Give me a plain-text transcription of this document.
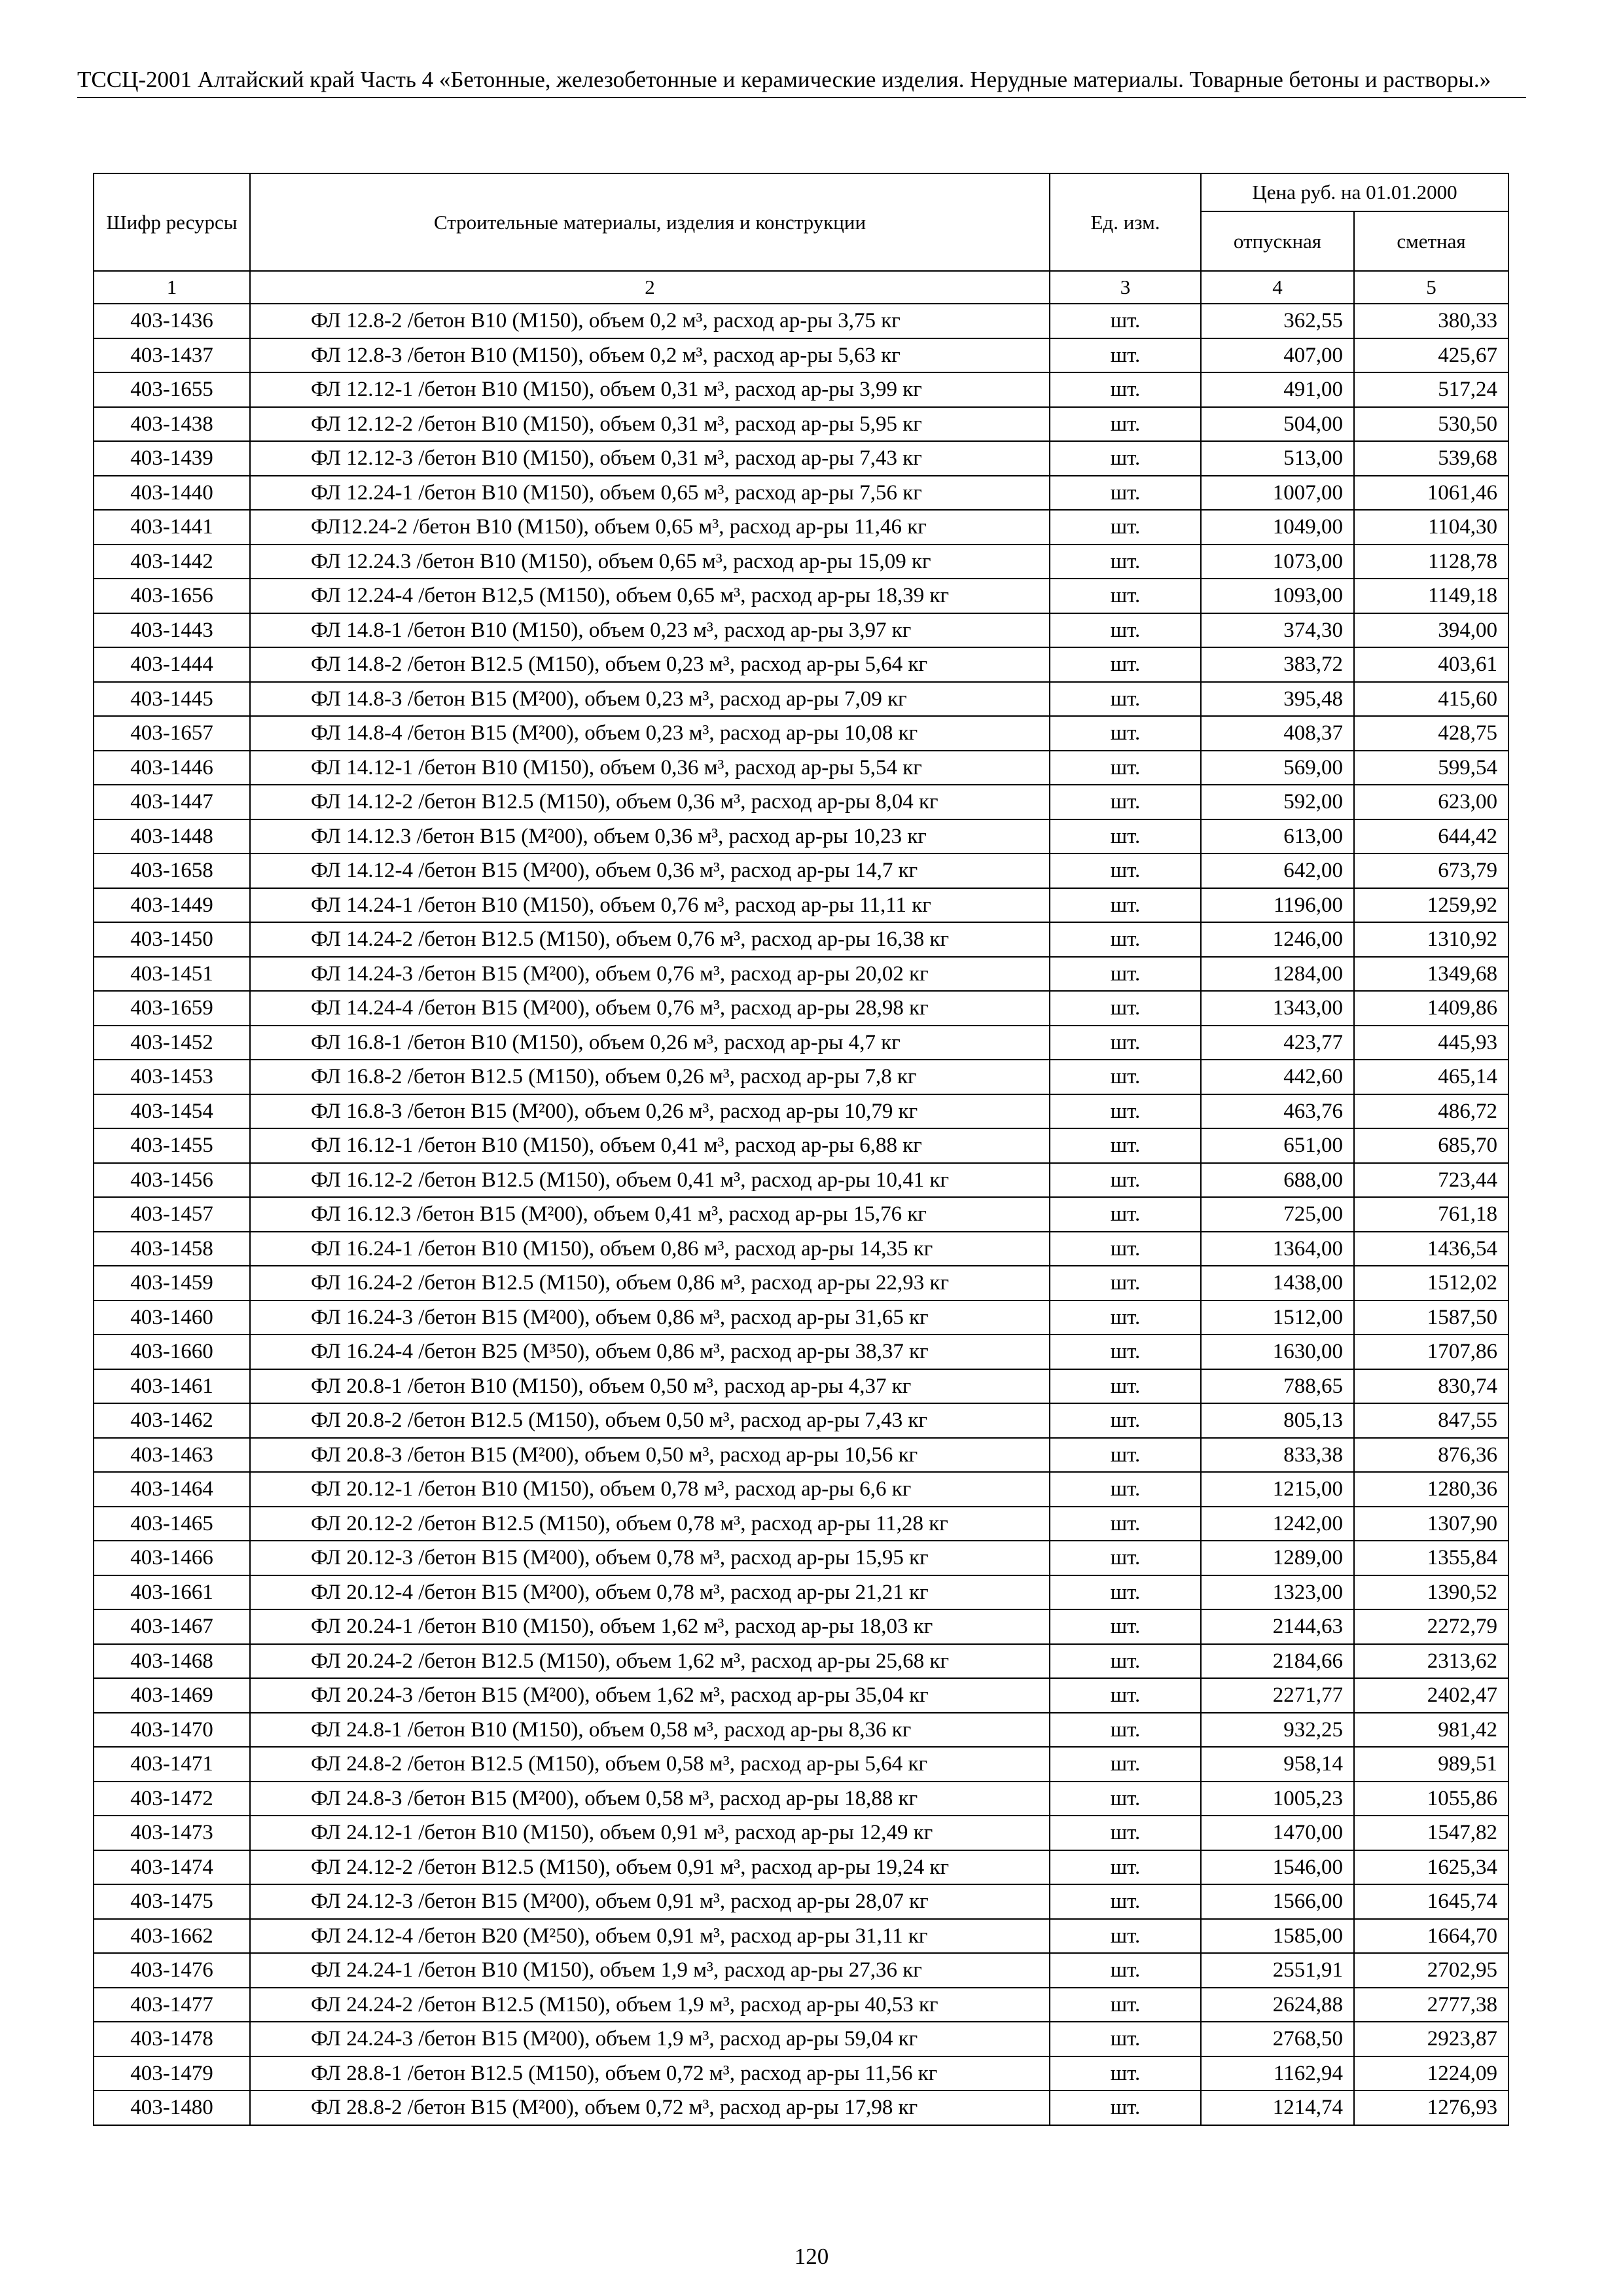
ТССЦ-2001 Алтайский край Часть 4 «Бетонные, железобетонные и керамические изделия. Нерудные материалы. Товарные бетоны и растворы.»
Шифр ресурсы	Строительные материалы, изделия и конструкции	Ед. изм.	Цена руб. на 01.01.2000	
			отпускная	сметная
1	2	3	4	5
403-1436	ФЛ 12.8-2 /бетон В10 (М150), объем 0,2 м³, расход ар-ры 3,75 кг	шт.	362,55	380,33
403-1437	ФЛ 12.8-3 /бетон В10 (М150), объем 0,2 м³, расход ар-ры 5,63 кг	шт.	407,00	425,67
403-1655	ФЛ 12.12-1 /бетон В10 (М150), объем 0,31 м³, расход ар-ры 3,99 кг	шт.	491,00	517,24
403-1438	ФЛ 12.12-2 /бетон В10 (М150), объем 0,31 м³, расход ар-ры 5,95 кг	шт.	504,00	530,50
403-1439	ФЛ 12.12-3 /бетон В10 (М150), объем 0,31 м³, расход ар-ры 7,43 кг	шт.	513,00	539,68
403-1440	ФЛ 12.24-1 /бетон В10 (М150), объем 0,65 м³, расход ар-ры 7,56 кг	шт.	1007,00	1061,46
403-1441	ФЛ12.24-2 /бетон В10 (М150), объем 0,65 м³, расход ар-ры 11,46 кг	шт.	1049,00	1104,30
403-1442	ФЛ 12.24.3 /бетон В10 (М150), объем 0,65 м³, расход ар-ры 15,09 кг	шт.	1073,00	1128,78
403-1656	ФЛ 12.24-4 /бетон В12,5 (М150), объем 0,65 м³, расход ар-ры 18,39 кг	шт.	1093,00	1149,18
403-1443	ФЛ 14.8-1 /бетон В10 (М150), объем 0,23 м³, расход ар-ры 3,97 кг	шт.	374,30	394,00
403-1444	ФЛ 14.8-2 /бетон В12.5 (М150), объем 0,23 м³, расход ар-ры 5,64 кг	шт.	383,72	403,61
403-1445	ФЛ 14.8-3 /бетон В15 (М²00), объем 0,23 м³, расход ар-ры 7,09 кг	шт.	395,48	415,60
403-1657	ФЛ 14.8-4 /бетон В15 (М²00), объем 0,23 м³, расход ар-ры 10,08 кг	шт.	408,37	428,75
403-1446	ФЛ 14.12-1 /бетон В10 (М150), объем 0,36 м³, расход ар-ры 5,54 кг	шт.	569,00	599,54
403-1447	ФЛ 14.12-2 /бетон В12.5 (М150), объем 0,36 м³, расход ар-ры 8,04 кг	шт.	592,00	623,00
403-1448	ФЛ 14.12.3 /бетон В15 (М²00), объем 0,36 м³, расход ар-ры 10,23 кг	шт.	613,00	644,42
403-1658	ФЛ 14.12-4 /бетон В15 (М²00), объем 0,36 м³, расход ар-ры 14,7 кг	шт.	642,00	673,79
403-1449	ФЛ 14.24-1 /бетон В10 (М150), объем 0,76 м³, расход ар-ры 11,11 кг	шт.	1196,00	1259,92
403-1450	ФЛ 14.24-2 /бетон В12.5 (М150), объем 0,76 м³, расход ар-ры 16,38 кг	шт.	1246,00	1310,92
403-1451	ФЛ 14.24-3 /бетон В15 (М²00), объем 0,76 м³, расход ар-ры 20,02 кг	шт.	1284,00	1349,68
403-1659	ФЛ 14.24-4 /бетон В15 (М²00), объем 0,76 м³, расход ар-ры 28,98 кг	шт.	1343,00	1409,86
403-1452	ФЛ 16.8-1 /бетон В10 (М150), объем 0,26 м³, расход ар-ры 4,7 кг	шт.	423,77	445,93
403-1453	ФЛ 16.8-2 /бетон В12.5 (М150), объем 0,26 м³, расход ар-ры 7,8 кг	шт.	442,60	465,14
403-1454	ФЛ 16.8-3 /бетон В15 (М²00), объем 0,26 м³, расход ар-ры 10,79 кг	шт.	463,76	486,72
403-1455	ФЛ 16.12-1 /бетон В10 (М150), объем 0,41 м³, расход ар-ры 6,88 кг	шт.	651,00	685,70
403-1456	ФЛ 16.12-2 /бетон В12.5 (М150), объем 0,41 м³, расход ар-ры 10,41 кг	шт.	688,00	723,44
403-1457	ФЛ 16.12.3 /бетон В15 (М²00), объем 0,41 м³, расход ар-ры 15,76 кг	шт.	725,00	761,18
403-1458	ФЛ 16.24-1 /бетон В10 (М150), объем 0,86 м³, расход ар-ры 14,35 кг	шт.	1364,00	1436,54
403-1459	ФЛ 16.24-2 /бетон В12.5 (М150), объем 0,86 м³, расход ар-ры 22,93 кг	шт.	1438,00	1512,02
403-1460	ФЛ 16.24-3 /бетон В15 (М²00), объем 0,86 м³, расход ар-ры 31,65 кг	шт.	1512,00	1587,50
403-1660	ФЛ 16.24-4 /бетон В25 (М³50), объем 0,86 м³, расход ар-ры 38,37 кг	шт.	1630,00	1707,86
403-1461	ФЛ 20.8-1 /бетон В10 (М150), объем 0,50 м³, расход ар-ры 4,37 кг	шт.	788,65	830,74
403-1462	ФЛ 20.8-2 /бетон В12.5 (М150), объем 0,50 м³, расход ар-ры 7,43 кг	шт.	805,13	847,55
403-1463	ФЛ 20.8-3 /бетон В15 (М²00), объем 0,50 м³, расход ар-ры 10,56 кг	шт.	833,38	876,36
403-1464	ФЛ 20.12-1 /бетон В10 (М150), объем 0,78 м³, расход ар-ры 6,6 кг	шт.	1215,00	1280,36
403-1465	ФЛ 20.12-2 /бетон В12.5 (М150), объем 0,78 м³, расход ар-ры 11,28 кг	шт.	1242,00	1307,90
403-1466	ФЛ 20.12-3 /бетон В15 (М²00), объем 0,78 м³, расход ар-ры 15,95 кг	шт.	1289,00	1355,84
403-1661	ФЛ 20.12-4 /бетон В15 (М²00), объем 0,78 м³, расход ар-ры 21,21 кг	шт.	1323,00	1390,52
403-1467	ФЛ 20.24-1 /бетон В10 (М150), объем 1,62 м³, расход ар-ры 18,03 кг	шт.	2144,63	2272,79
403-1468	ФЛ 20.24-2 /бетон В12.5 (М150), объем 1,62 м³, расход ар-ры 25,68 кг	шт.	2184,66	2313,62
403-1469	ФЛ 20.24-3 /бетон В15 (М²00), объем 1,62 м³, расход ар-ры 35,04 кг	шт.	2271,77	2402,47
403-1470	ФЛ 24.8-1 /бетон В10 (М150), объем 0,58 м³, расход ар-ры 8,36 кг	шт.	932,25	981,42
403-1471	ФЛ 24.8-2 /бетон В12.5 (М150), объем 0,58 м³, расход ар-ры 5,64 кг	шт.	958,14	989,51
403-1472	ФЛ 24.8-3 /бетон В15 (М²00), объем 0,58 м³, расход ар-ры 18,88 кг	шт.	1005,23	1055,86
403-1473	ФЛ 24.12-1 /бетон В10 (М150), объем 0,91 м³, расход ар-ры 12,49 кг	шт.	1470,00	1547,82
403-1474	ФЛ 24.12-2 /бетон В12.5 (М150), объем 0,91 м³, расход ар-ры 19,24 кг	шт.	1546,00	1625,34
403-1475	ФЛ 24.12-3 /бетон В15 (М²00), объем 0,91 м³, расход ар-ры 28,07 кг	шт.	1566,00	1645,74
403-1662	ФЛ 24.12-4 /бетон В20 (М²50), объем 0,91 м³, расход ар-ры 31,11 кг	шт.	1585,00	1664,70
403-1476	ФЛ 24.24-1 /бетон В10 (М150), объем 1,9 м³, расход ар-ры 27,36 кг	шт.	2551,91	2702,95
403-1477	ФЛ 24.24-2 /бетон В12.5 (М150), объем 1,9 м³, расход ар-ры 40,53 кг	шт.	2624,88	2777,38
403-1478	ФЛ 24.24-3 /бетон В15 (М²00), объем 1,9 м³, расход ар-ры 59,04 кг	шт.	2768,50	2923,87
403-1479	ФЛ 28.8-1 /бетон В12.5 (М150), объем 0,72 м³, расход ар-ры 11,56 кг	шт.	1162,94	1224,09
403-1480	ФЛ 28.8-2 /бетон В15 (М²00), объем 0,72 м³, расход ар-ры 17,98 кг	шт.	1214,74	1276,93
120
